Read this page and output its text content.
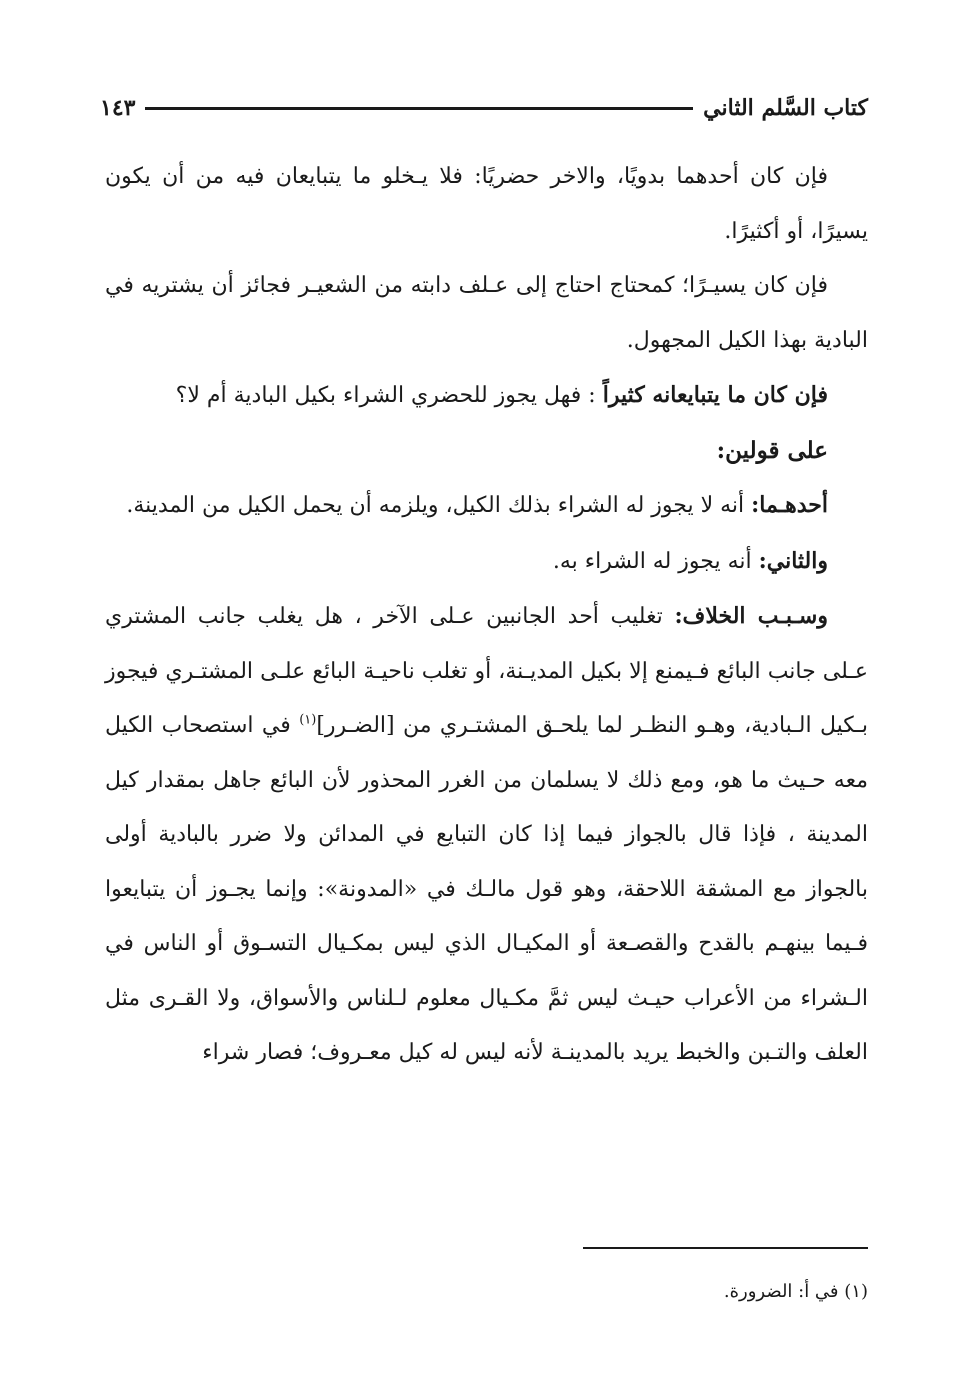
كتاب السَّلم الثاني
١٤٣

فإن كان أحدهما بدويًا، والاخر حضريًا: فلا يـخلو ما يتبايعان فيه من أن يكون يسيرًا، أو أكثيرًا.

فإن كان يسيـرًا؛ كمحتاج احتاج إلى عـلف دابته من الشعيـر فجائز أن يشتريه في البادية بهذا الكيل المجهول.

فإن كان ما يتبايعانه كثيراً : فهل يجوز للحضري الشراء بكيل البادية أم لا؟

على قولين:

أحدهـما: أنه لا يجوز له الشراء بذلك الكيل، ويلزمه أن يحمل الكيل من المدينة.

والثاني: أنه يجوز له الشراء به.

وسـبـب الخلاف: تغليب أحد الجانبين عـلى الآخر ، هل يغلب جانب المشتري عـلى جانب البائع فـيمنع إلا بكيل المديـنة، أو تغلب ناحيـة البائع علـى المشتـري فيجوز بـكيل الـبادية، وهـو النظـر لما يلحـق المشتـري من [الضـرر]$^{(١)}$ في استصحاب الكيل معه حـيث ما هو، ومع ذلك لا يسلمان من الغرر المحذور لأن البائع جاهل بمقدار كيل المدينة ، فإذا قال بالجواز فيما إذا كان التبايع في المدائن ولا ضرر بالبادية أولى بالجواز مع المشقة اللاحقة، وهو قول مالـك في «المدونة»: وإنما يجـوز أن يتبايعوا فـيما بينهـم بالقدح والقصـعة أو المكيـال الذي ليس بمكـيال التسـوق أو الناس في الـشراء من الأعراب حيـث ليس ثمَّ مكـيال معلوم لـلناس والأسواق، ولا القـرى مثل العلف والتـبن والخبط يريد بالمدينـة لأنه ليس له كيل معـروف؛ فصار شراء

(١) في أ: الضرورة.
